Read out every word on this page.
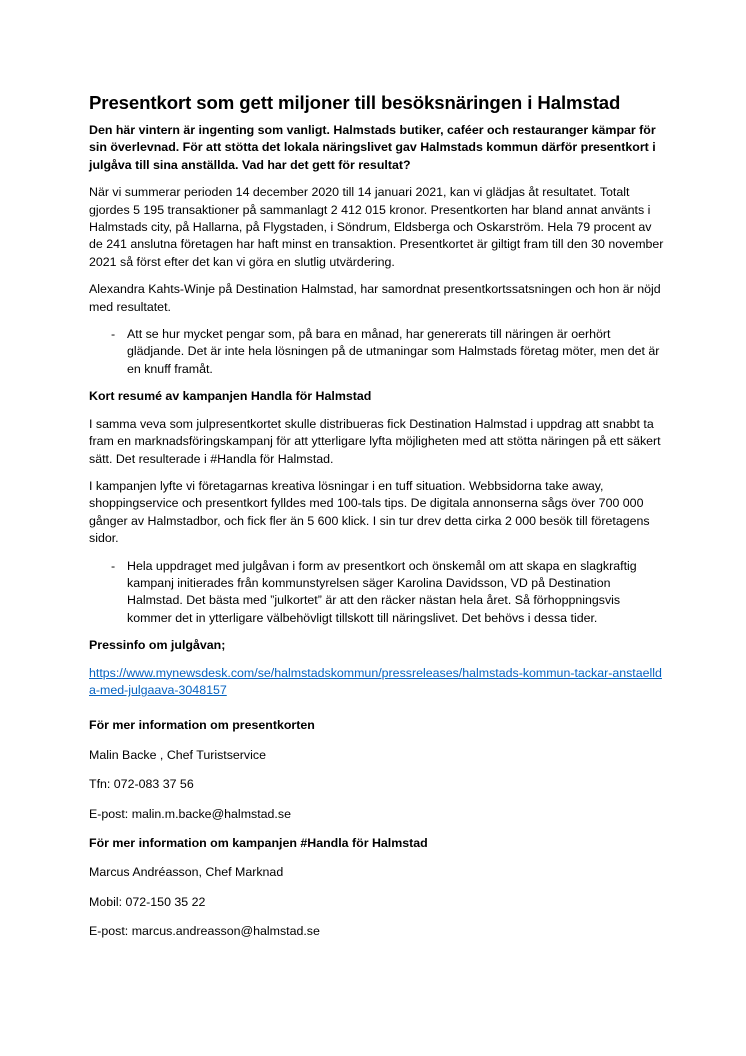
Presentkort som gett miljoner till besöksnäringen i Halmstad

Den här vintern är ingenting som vanligt. Halmstads butiker, caféer och restauranger kämpar för sin överlevnad. För att stötta det lokala näringslivet gav Halmstads kommun därför presentkort i julgåva till sina anställda. Vad har det gett för resultat?

När vi summerar perioden 14 december 2020 till 14 januari 2021, kan vi glädjas åt resultatet. Totalt gjordes 5 195 transaktioner på sammanlagt 2 412 015 kronor. Presentkorten har bland annat använts i Halmstads city, på Hallarna, på Flygstaden, i Söndrum, Eldsberga och Oskarström. Hela 79 procent av de 241 anslutna företagen har haft minst en transaktion. Presentkortet är giltigt fram till den 30 november 2021 så först efter det kan vi göra en slutlig utvärdering.

Alexandra Kahts-Winje på Destination Halmstad, har samordnat presentkortssatsningen och hon är nöjd med resultatet.

- Att se hur mycket pengar som, på bara en månad, har genererats till näringen är oerhört glädjande. Det är inte hela lösningen på de utmaningar som Halmstads företag möter, men det är en knuff framåt.

Kort resumé av kampanjen Handla för Halmstad

I samma veva som julpresentkortet skulle distribueras fick Destination Halmstad i uppdrag att snabbt ta fram en marknadsföringskampanj för att ytterligare lyfta möjligheten med att stötta näringen på ett säkert sätt. Det resulterade i #Handla för Halmstad.

I kampanjen lyfte vi företagarnas kreativa lösningar i en tuff situation. Webbsidorna take away, shoppingservice och presentkort fylldes med 100-tals tips. De digitala annonserna sågs över 700 000 gånger av Halmstadbor, och fick fler än 5 600 klick. I sin tur drev detta cirka 2 000 besök till företagens sidor.

- Hela uppdraget med julgåvan i form av presentkort och önskemål om att skapa en slagkraftig kampanj initierades från kommunstyrelsen säger Karolina Davidsson, VD på Destination Halmstad. Det bästa med ”julkortet” är att den räcker nästan hela året. Så förhoppningsvis kommer det in ytterligare välbehövligt tillskott till näringslivet. Det behövs i dessa tider.

Pressinfo om julgåvan;

https://www.mynewsdesk.com/se/halmstadskommun/pressreleases/halmstads-kommun-tackar-anstaellda-med-julgaava-3048157

För mer information om presentkorten

Malin Backe , Chef Turistservice

Tfn: 072-083 37 56

E-post: malin.m.backe@halmstad.se

För mer information om kampanjen #Handla för Halmstad

Marcus Andréasson, Chef Marknad

Mobil: 072-150 35 22

E-post: marcus.andreasson@halmstad.se
